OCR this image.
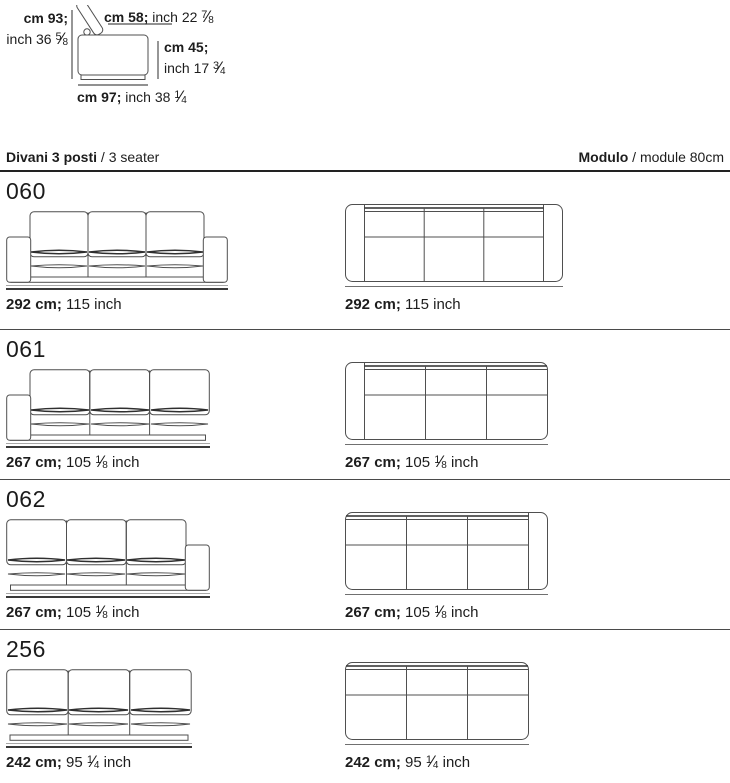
cm 93;
inch 36 $^5$⁄ 8
cm 58; inch 22 $^7$⁄ 8
cm 45;
inch 17 $^3$⁄ 4
cm 97; inch 38 $^1$⁄ 4
Divani 3 posti / 3 seater	Modulo / module 80cm
060
292 cm; 115 inch	292 cm; 115 inch
061
267 cm; 105 $^1$⁄ 8 inch	267 cm; 105 $^1$⁄ 8 inch
062
267 cm; 105 $^1$⁄ 8 inch	267 cm; 105 $^1$⁄ 8 inch
256
242 cm; 95 $^1$⁄ 4 inch	242 cm; 95 $^1$⁄ 4 inch
